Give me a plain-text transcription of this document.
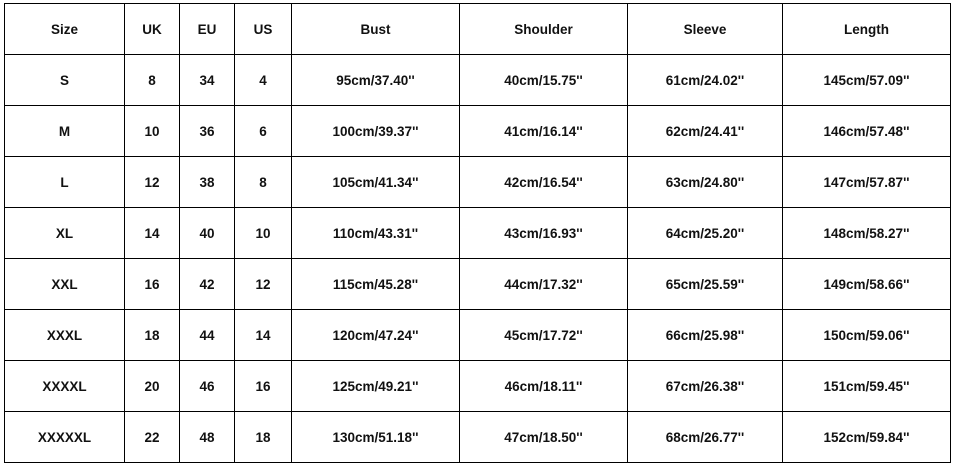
Size	UK	EU	US	Bust	Shoulder	Sleeve	Length
S	8	34	4	95cm/37.40''	40cm/15.75''	61cm/24.02''	145cm/57.09''
M	10	36	6	100cm/39.37''	41cm/16.14''	62cm/24.41''	146cm/57.48''
L	12	38	8	105cm/41.34''	42cm/16.54''	63cm/24.80''	147cm/57.87''
XL	14	40	10	110cm/43.31''	43cm/16.93''	64cm/25.20''	148cm/58.27''
XXL	16	42	12	115cm/45.28''	44cm/17.32''	65cm/25.59''	149cm/58.66''
XXXL	18	44	14	120cm/47.24''	45cm/17.72''	66cm/25.98''	150cm/59.06''
XXXXL	20	46	16	125cm/49.21''	46cm/18.11''	67cm/26.38''	151cm/59.45''
XXXXXL	22	48	18	130cm/51.18''	47cm/18.50''	68cm/26.77''	152cm/59.84''
